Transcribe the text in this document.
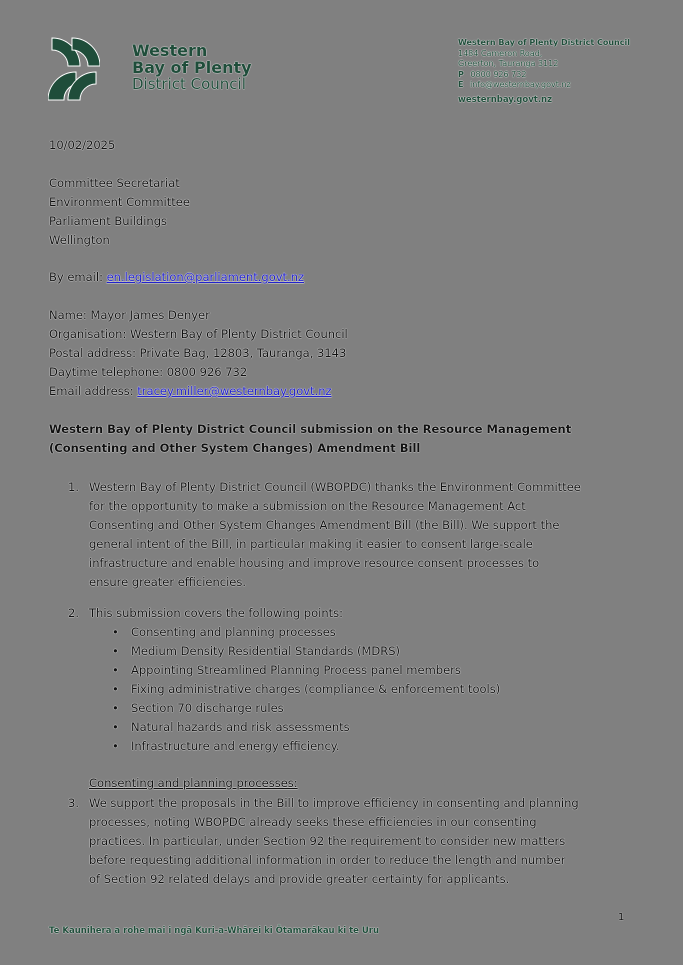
Western
Bay of Plenty
District Council
Western Bay of Plenty District Council
1484 Cameron Road,
Greerton, Tauranga 3112
P 0800 926 732
E info@westernbay.govt.nz
westernbay.govt.nz
10/02/2025
Committee Secretariat
Environment Committee
Parliament Buildings
Wellington
By email: en.legislation@parliament.govt.nz
Name: Mayor James Denyer
Organisation: Western Bay of Plenty District Council
Postal address: Private Bag, 12803, Tauranga, 3143
Daytime telephone: 0800 926 732
Email address: tracey.miller@westernbay.govt.nz
Western Bay of Plenty District Council submission on the Resource Management
(Consenting and Other System Changes) Amendment Bill
1. Western Bay of Plenty District Council (WBOPDC) thanks the Environment Committee
for the opportunity to make a submission on the Resource Management Act
Consenting and Other System Changes Amendment Bill (the Bill). We support the
general intent of the Bill, in particular making it easier to consent large-scale
infrastructure and enable housing and improve resource consent processes to
ensure greater efficiencies.
2. This submission covers the following points:
• Consenting and planning processes
• Medium Density Residential Standards (MDRS)
• Appointing Streamlined Planning Process panel members
• Fixing administrative charges (compliance & enforcement tools)
• Section 70 discharge rules
• Natural hazards and risk assessments
• Infrastructure and energy efficiency.
Consenting and planning processes:
3. We support the proposals in the Bill to improve efficiency in consenting and planning
processes, noting WBOPDC already seeks these efficiencies in our consenting
practices. In particular, under Section 92 the requirement to consider new matters
before requesting additional information in order to reduce the length and number
of Section 92 related delays and provide greater certainty for applicants.
1
Te Kaunihera a rohe mai i ngā Kuri-a-Whārei ki Ōtamarākau ki te Uru
